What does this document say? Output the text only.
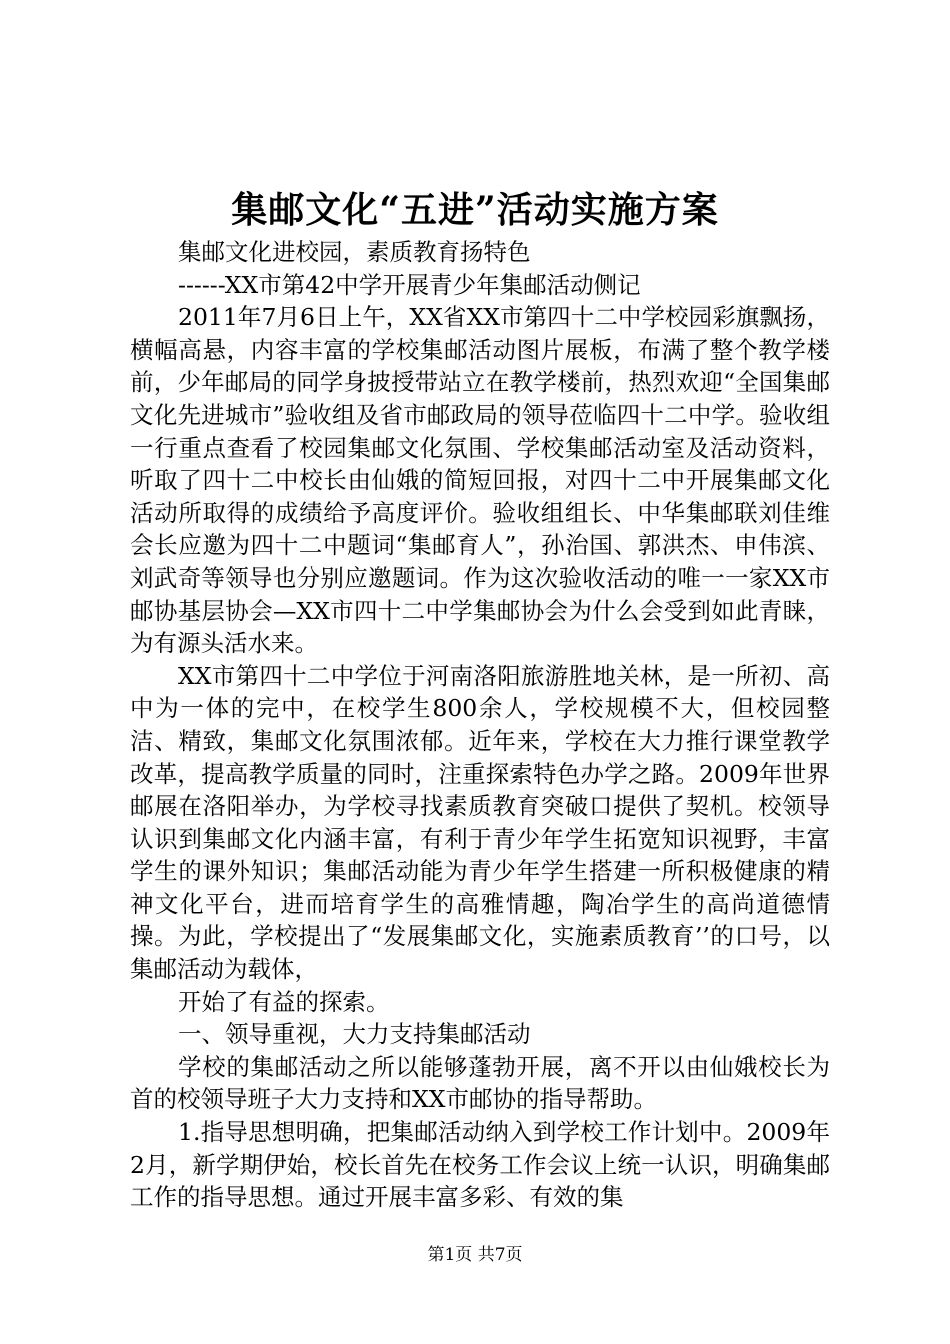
集邮文化“五进”活动实施方案

集邮文化进校园，素质教育扬特色

------XX市第42中学开展青少年集邮活动侧记

2011年7月6日上午，XX省XX市第四十二中学校园彩旗飘扬，横幅高悬，内容丰富的学校集邮活动图片展板，布满了整个教学楼前，少年邮局的同学身披授带站立在教学楼前，热烈欢迎“全国集邮文化先进城市”验收组及省市邮政局的领导莅临四十二中学。验收组一行重点查看了校园集邮文化氛围、学校集邮活动室及活动资料，听取了四十二中校长由仙娥的简短回报，对四十二中开展集邮文化活动所取得的成绩给予高度评价。验收组组长、中华集邮联刘佳维会长应邀为四十二中题词“集邮育人”，孙治国、郭洪杰、申伟滨、刘武奇等领导也分别应邀题词。作为这次验收活动的唯一一家XX市邮协基层协会—XX市四十二中学集邮协会为什么会受到如此青睐，为有源头活水来。

XX市第四十二中学位于河南洛阳旅游胜地关林，是一所初、高中为一体的完中，在校学生800余人，学校规模不大，但校园整洁、精致，集邮文化氛围浓郁。近年来，学校在大力推行课堂教学改革，提高教学质量的同时，注重探索特色办学之路。2009年世界邮展在洛阳举办，为学校寻找素质教育突破口提供了契机。校领导认识到集邮文化内涵丰富，有利于青少年学生拓宽知识视野，丰富学生的课外知识；集邮活动能为青少年学生搭建一所积极健康的精神文化平台，进而培育学生的高雅情趣，陶冶学生的高尚道德情操。为此，学校提出了“发展集邮文化，实施素质教育’’的口号，以集邮活动为载体，

开始了有益的探索。

一、领导重视，大力支持集邮活动

学校的集邮活动之所以能够蓬勃开展，离不开以由仙娥校长为首的校领导班子大力支持和XX市邮协的指导帮助。

1.指导思想明确，把集邮活动纳入到学校工作计划中。2009年2月，新学期伊始，校长首先在校务工作会议上统一认识，明确集邮工作的指导思想。通过开展丰富多彩、有效的集

第1页 共7页
